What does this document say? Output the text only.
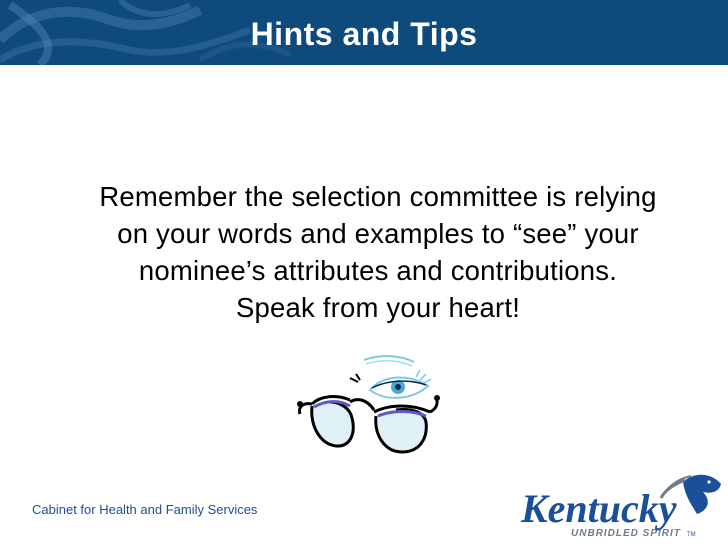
Hints and Tips
Remember the selection committee is relying
on your words and examples to “see” your
nominee’s attributes and contributions.
Speak from your heart!
Cabinet for Health and Family Services	Kentucky
TM
UNBRIDLED SPIRIT
